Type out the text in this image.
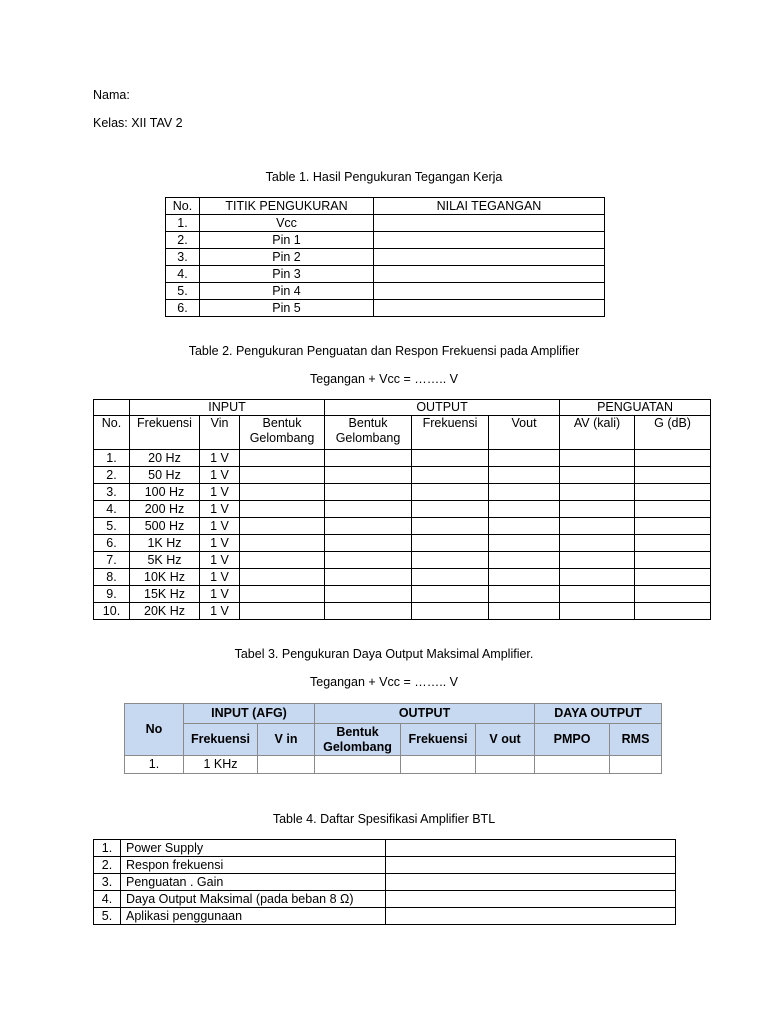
Nama:
Kelas: XII TAV 2
Table 1. Hasil Pengukuran Tegangan Kerja
No.	TITIK PENGUKURAN	NILAI TEGANGAN
1.	Vcc	
2.	Pin 1	
3.	Pin 2	
4.	Pin 3	
5.	Pin 4	
6.	Pin 5	
Table 2. Pengukuran Penguatan dan Respon Frekuensi pada Amplifier
Tegangan + Vcc = …….. V
	INPUT			OUTPUT			PENGUATAN	
No.	Frekuensi	Vin	Bentuk Gelombang	Bentuk Gelombang	Frekuensi	Vout	AV (kali)	G (dB)
1.	20 Hz	1 V						
2.	50 Hz	1 V						
3.	100 Hz	1 V						
4.	200 Hz	1 V						
5.	500 Hz	1 V						
6.	1K Hz	1 V						
7.	5K Hz	1 V						
8.	10K Hz	1 V						
9.	15K Hz	1 V						
10.	20K Hz	1 V						
Tabel 3. Pengukuran Daya Output Maksimal Amplifier.
Tegangan + Vcc = …….. V
No	INPUT (AFG)		OUTPUT			DAYA OUTPUT	
	Frekuensi	V in	Bentuk Gelombang	Frekuensi	V out	PMPO	RMS
1.	1 KHz						
Table 4. Daftar Spesifikasi Amplifier BTL
1.	Power Supply	
2.	Respon frekuensi	
3.	Penguatan . Gain	
4.	Daya Output Maksimal (pada beban 8 Ω)	
5.	Aplikasi penggunaan	
